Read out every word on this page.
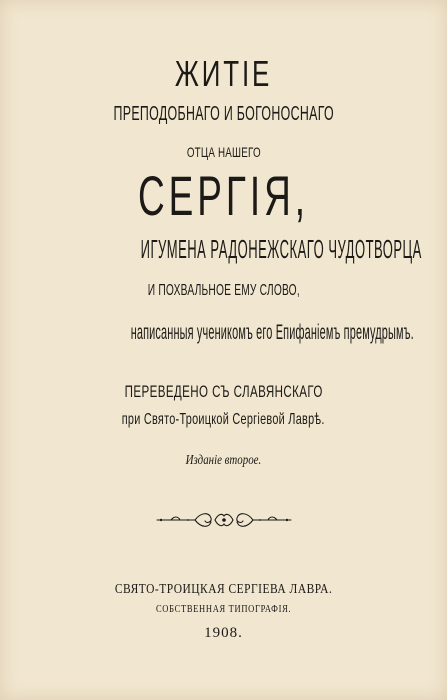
ЖИТІЕ
ПРЕПОДОБНАГО И БОГОНОСНАГО
ОТЦА НАШЕГО
СЕРГІЯ,
ИГУМЕНА РАДОНЕЖСКАГО ЧУДОТВОРЦА
И ПОХВАЛЬНОЕ ЕМУ СЛОВО,
написанныя ученикомъ его Епифаніемъ премудрымъ.
ПЕРЕВЕДЕНО СЪ СЛАВЯНСКАГО
при Свято-Троицкой Сергіевой Лаврѣ.
Изданіе второе.
СВЯТО-ТРОИЦКАЯ СЕРГІЕВА ЛАВРА.
СОБСТВЕННАЯ ТИПОГРАФІЯ.
1908.
